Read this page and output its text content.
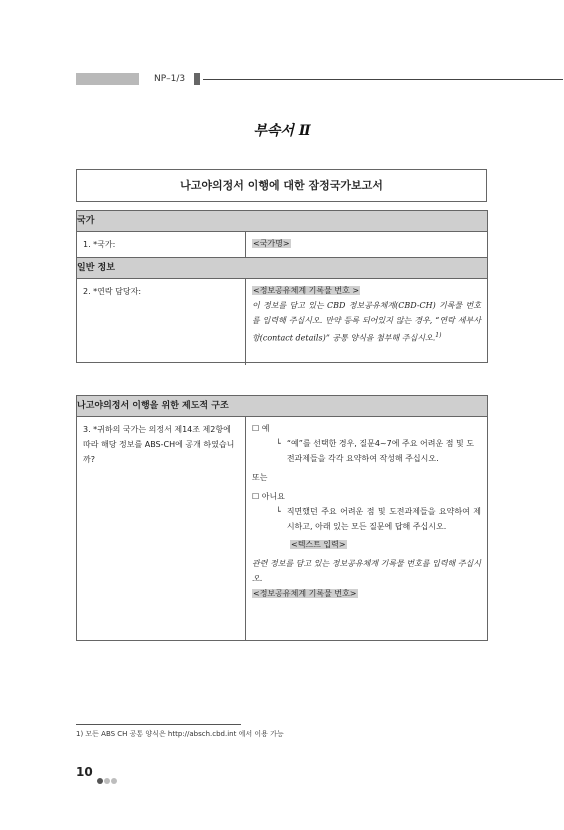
NP–1/3
부속서 Ⅱ
나고야의정서 이행에 대한 잠정국가보고서
국가
1. *국가:	<국가명>
일반 정보
2. *연락 담당자:	<정보공유체계 기록물 번호 >
이 정보를 담고 있는 CBD 정보공유체계(CBD-CH) 기록물 번호를 입력해 주십시오. 만약 등록 되어있지 않는 경우, “연락 세부사항(contact details)” 공통 양식을 첨부해 주십시오.$^{1)}$
나고야의정서 이행을 위한 제도적 구조
3. *귀하의 국가는 의정서 제14조 제2항에 따라 해당 정보를 ABS-CH에 공개 하였습니까?
☐ 예
└ “예”를 선택한 경우, 질문4~7에 주요 어려운 점 및 도전과제들을 각각 요약하여 작성해 주십시오.
또는
☐ 아니요
└ 직면했던 주요 어려운 점 및 도전과제들을 요약하여 제시하고, 아래 있는 모든 질문에 답해 주십시오.
<텍스트 입력>
관련 정보를 담고 있는 정보공유체계 기록물 번호를 입력해 주십시오.
<정보공유체계 기록물 번호>
1) 모든 ABS CH 공통 양식은 http://absch.cbd.int 에서 이용 가능
10
